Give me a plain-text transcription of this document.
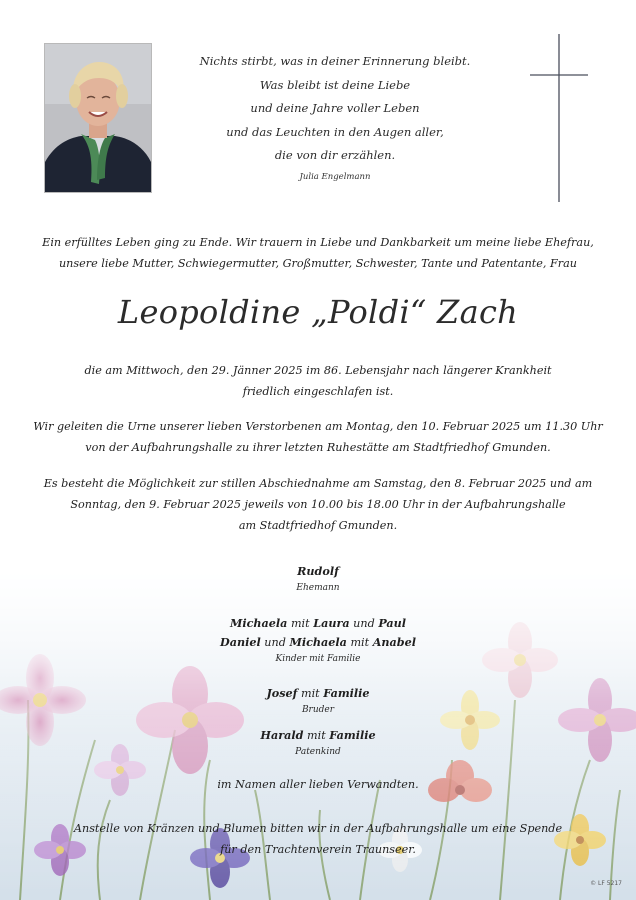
Nichts stirbt, was in deiner Erinnerung bleibt.
Was bleibt ist deine Liebe
und deine Jahre voller Leben
und das Leuchten in den Augen aller,
die von dir erzählen.
Julia Engelmann
Ein erfülltes Leben ging zu Ende. Wir trauern in Liebe und Dankbarkeit um meine liebe Ehefrau,
unsere liebe Mutter, Schwiegermutter, Großmutter, Schwester, Tante und Patentante, Frau
Leopoldine „Poldi“ Zach
die am Mittwoch, den 29. Jänner 2025 im 86. Lebensjahr nach längerer Krankheit
friedlich eingeschlafen ist.
Wir geleiten die Urne unserer lieben Verstorbenen am Montag, den 10. Februar 2025 um 11.30 Uhr
von der Aufbahrungshalle zu ihrer letzten Ruhestätte am Stadtfriedhof Gmunden.
Es besteht die Möglichkeit zur stillen Abschiednahme am Samstag, den 8. Februar 2025 und am
Sonntag, den 9. Februar 2025 jeweils von 10.00 bis 18.00 Uhr in der Aufbahrungshalle
am Stadtfriedhof Gmunden.
Rudolf
Ehemann
Michaela mit Laura und Paul
Daniel und Michaela mit Anabel
Kinder mit Familie
Josef mit Familie
Bruder
Harald mit Familie
Patenkind
im Namen aller lieben Verwandten.
Anstelle von Kränzen und Blumen bitten wir in der Aufbahrungshalle um eine Spende
für den Trachtenverein Traunseer.
© LF 5217
